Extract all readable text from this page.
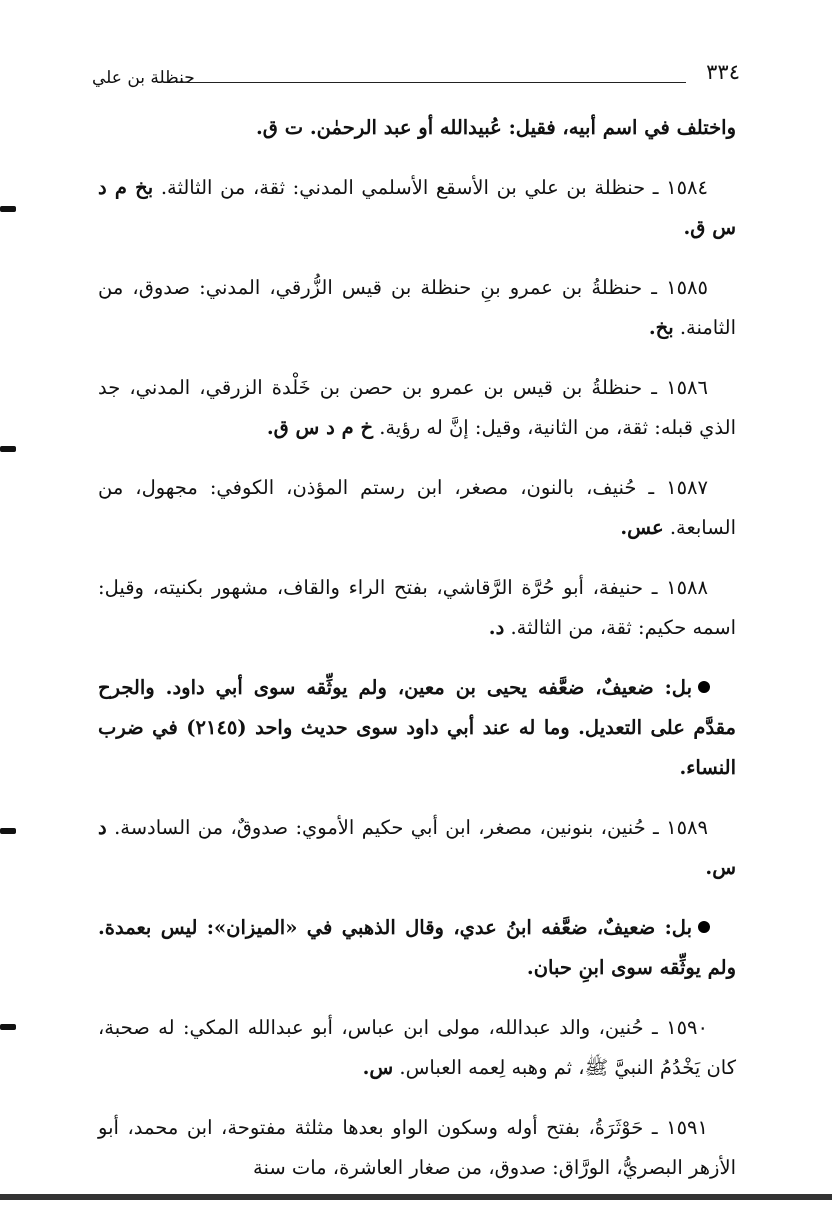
حنظلة بن علي	٣٣٤

واختلف في اسم أبيه، فقيل: عُبيدالله أو عبد الرحمٰن. ت ق.

١٥٨٤ ـ حنظلة بن علي بن الأسقع الأسلمي المدني: ثقة، من الثالثة. بخ م د س ق.

١٥٨٥ ـ حنظلةُ بن عمرو بنِ حنظلة بن قيس الزُّرقي، المدني: صدوق، من الثامنة. بخ.

١٥٨٦ ـ حنظلةُ بن قيس بن عمرو بن حصن بن خَلْدة الزرقي، المدني، جد الذي قبله: ثقة، من الثانية، وقيل: إنَّ له رؤية. خ م د س ق.

١٥٨٧ ـ حُنيف، بالنون، مصغر، ابن رستم المؤذن، الكوفي: مجهول، من السابعة. عس.

١٥٨٨ ـ حنيفة، أبو حُرَّة الرَّقاشي، بفتح الراء والقاف، مشهور بكنيته، وقيل: اسمه حكيم: ثقة، من الثالثة. د.

بل: ضعيفٌ، ضعَّفه يحيى بن معين، ولم يوثِّقه سوى أبي داود. والجرح مقدَّم على التعديل. وما له عند أبي داود سوى حديث واحد (٢١٤٥) في ضرب النساء.

١٥٨٩ ـ حُنين، بنونين، مصغر، ابن أبي حكيم الأموي: صدوقٌ، من السادسة. د س.

بل: ضعيفٌ، ضعَّفه ابنُ عدي، وقال الذهبي في «الميزان»: ليس بعمدة. ولم يوثِّقه سوى ابنِ حبان.

١٥٩٠ ـ حُنين، والد عبدالله، مولى ابن عباس، أبو عبدالله المكي: له صحبة، كان يَخْدُمُ النبيَّ ﷺ، ثم وهبه لِعمه العباس. س.

١٥٩١ ـ حَوْثَرَةُ، بفتح أوله وسكون الواو بعدها مثلثة مفتوحة، ابن محمد، أبو الأزهر البصريُّ، الورَّاق: صدوق، من صغار العاشرة، مات سنة
